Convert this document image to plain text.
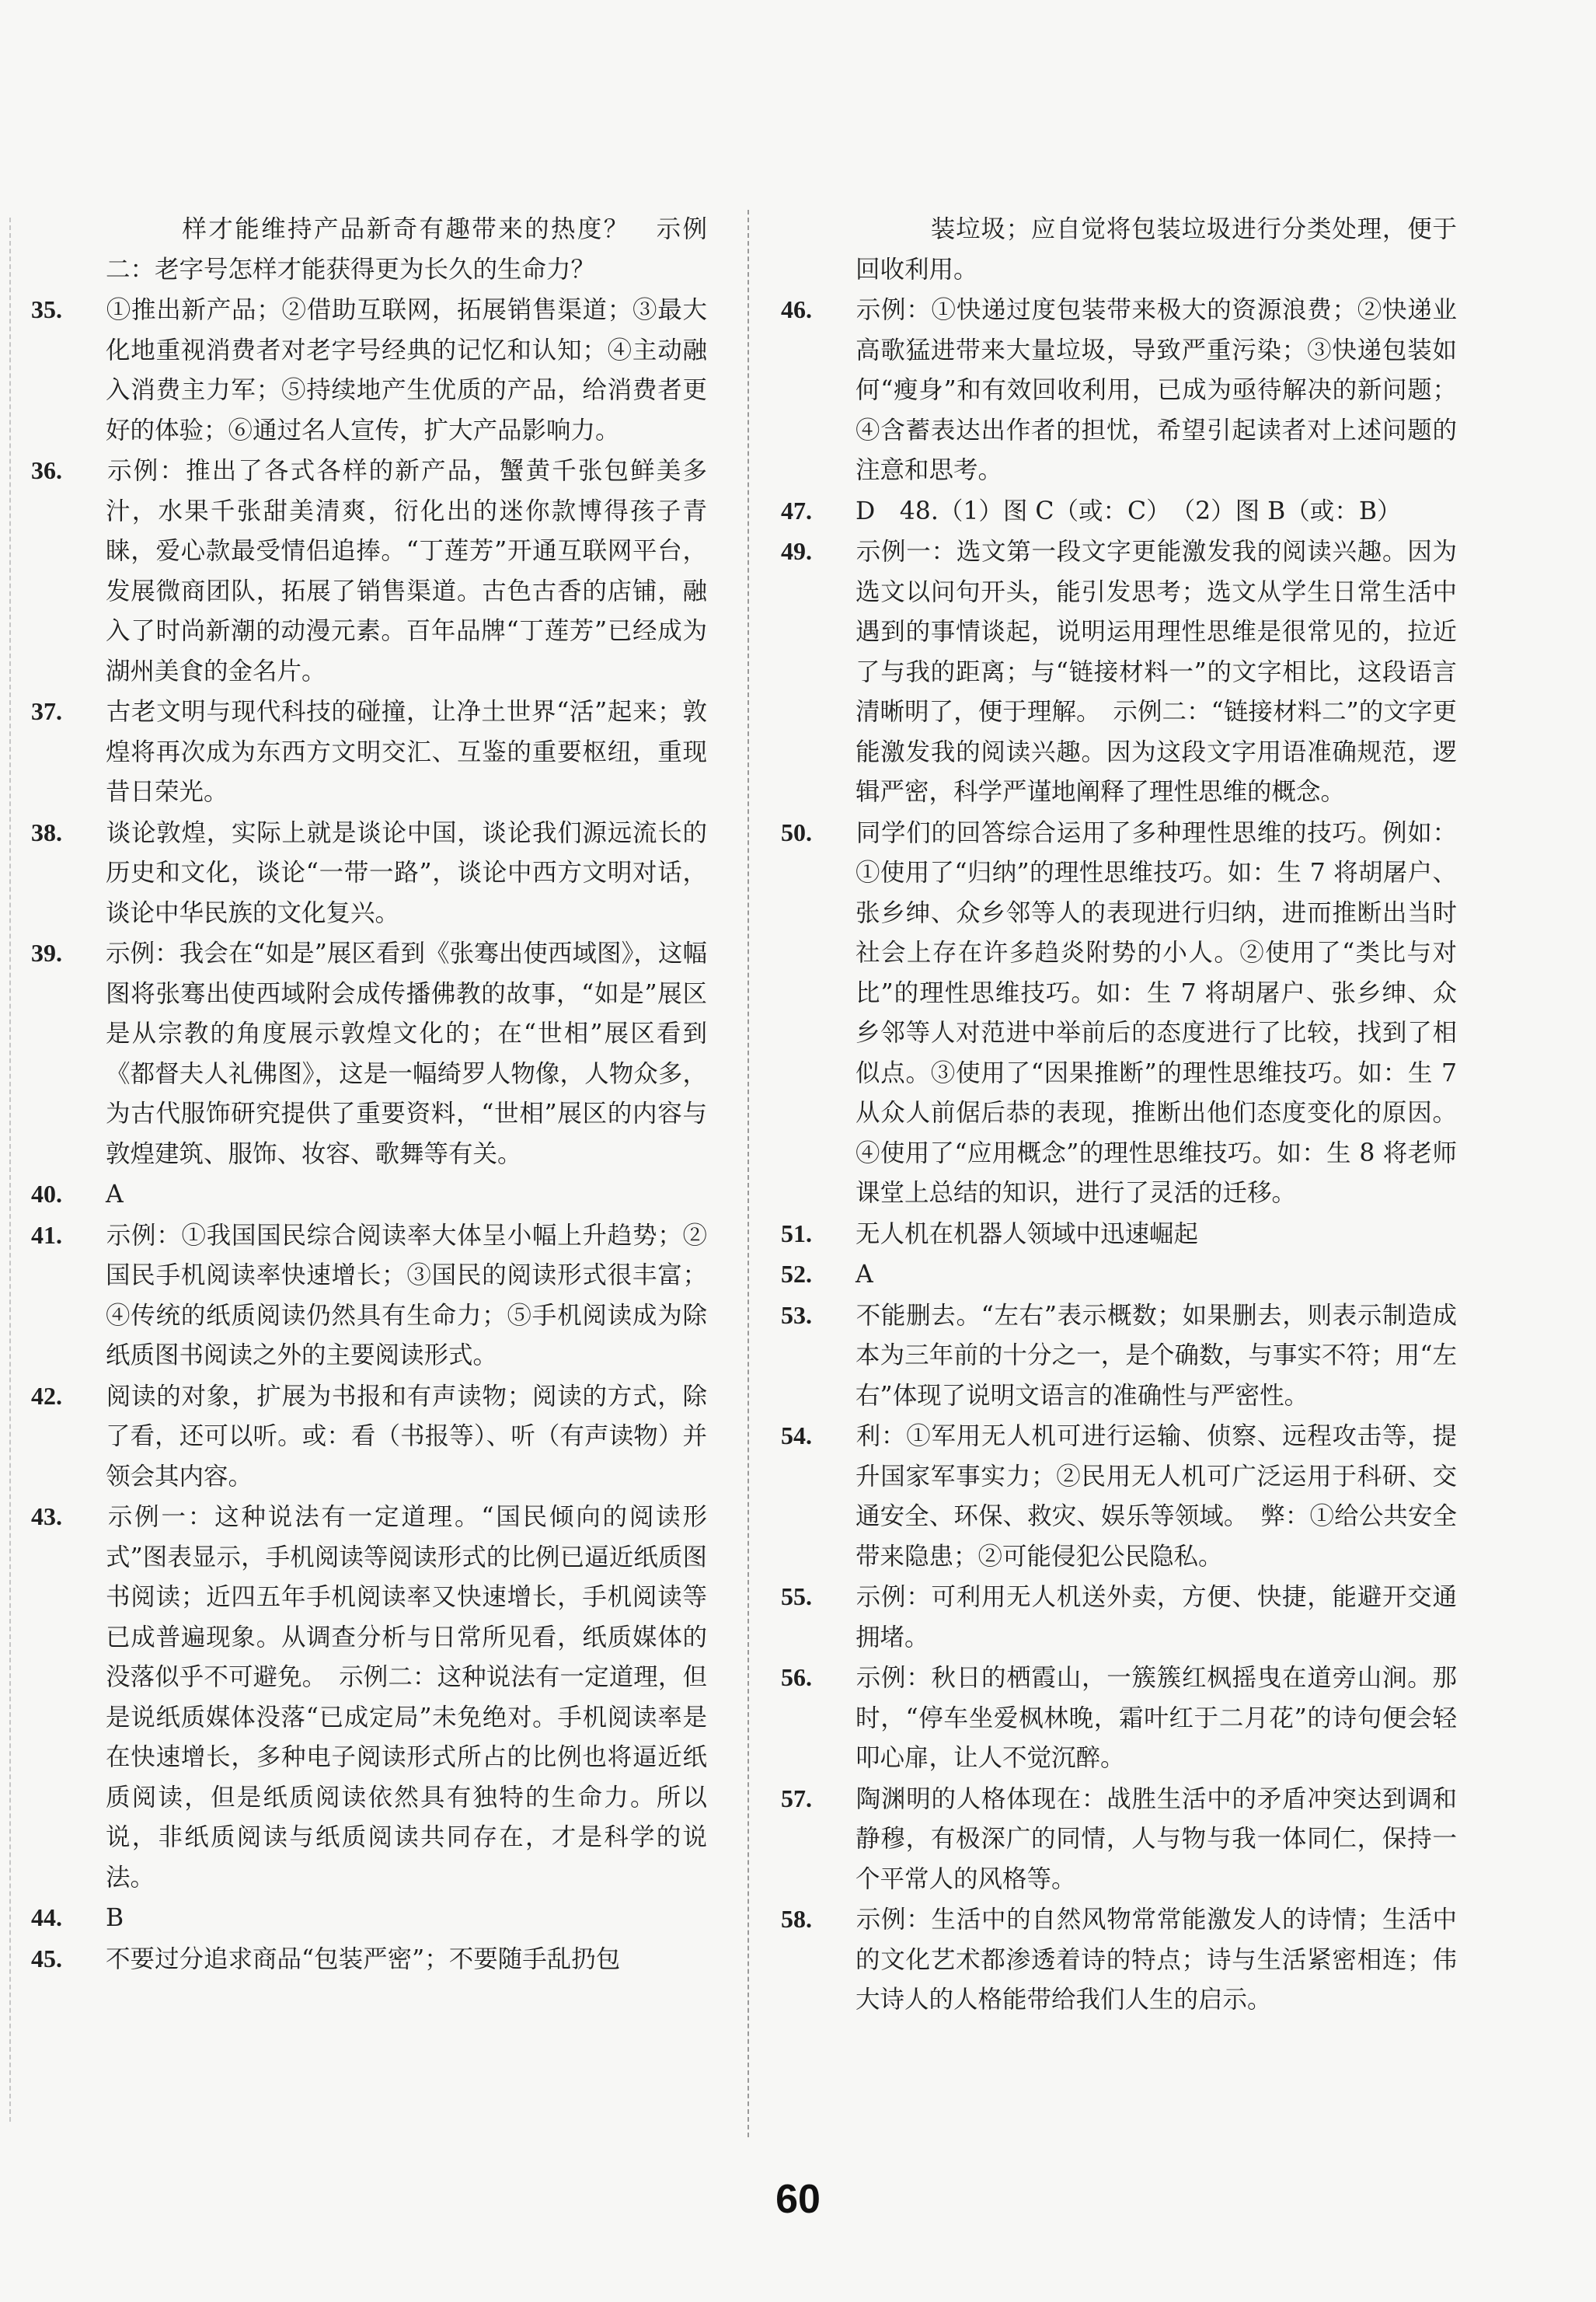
样才能维持产品新奇有趣带来的热度？　示例二：老字号怎样才能获得更为长久的生命力？

35. ①推出新产品；②借助互联网，拓展销售渠道；③最大化地重视消费者对老字号经典的记忆和认知；④主动融入消费主力军；⑤持续地产生优质的产品，给消费者更好的体验；⑥通过名人宣传，扩大产品影响力。

36. 示例：推出了各式各样的新产品，蟹黄千张包鲜美多汁，水果千张甜美清爽，衍化出的迷你款博得孩子青睐，爱心款最受情侣追捧。“丁莲芳”开通互联网平台，发展微商团队，拓展了销售渠道。古色古香的店铺，融入了时尚新潮的动漫元素。百年品牌“丁莲芳”已经成为湖州美食的金名片。

37. 古老文明与现代科技的碰撞，让净土世界“活”起来；敦煌将再次成为东西方文明交汇、互鉴的重要枢纽，重现昔日荣光。

38. 谈论敦煌，实际上就是谈论中国，谈论我们源远流长的历史和文化，谈论“一带一路”，谈论中西方文明对话，谈论中华民族的文化复兴。

39. 示例：我会在“如是”展区看到《张骞出使西域图》，这幅图将张骞出使西域附会成传播佛教的故事，“如是”展区是从宗教的角度展示敦煌文化的；在“世相”展区看到《都督夫人礼佛图》，这是一幅绮罗人物像，人物众多，为古代服饰研究提供了重要资料，“世相”展区的内容与敦煌建筑、服饰、妆容、歌舞等有关。

40. A

41. 示例：①我国国民综合阅读率大体呈小幅上升趋势；②国民手机阅读率快速增长；③国民的阅读形式很丰富；④传统的纸质阅读仍然具有生命力；⑤手机阅读成为除纸质图书阅读之外的主要阅读形式。

42. 阅读的对象，扩展为书报和有声读物；阅读的方式，除了看，还可以听。或：看（书报等）、听（有声读物）并领会其内容。

43. 示例一：这种说法有一定道理。“国民倾向的阅读形式”图表显示，手机阅读等阅读形式的比例已逼近纸质图书阅读；近四五年手机阅读率又快速增长，手机阅读等已成普遍现象。从调查分析与日常所见看，纸质媒体的没落似乎不可避免。　示例二：这种说法有一定道理，但是说纸质媒体没落“已成定局”未免绝对。手机阅读率是在快速增长，多种电子阅读形式所占的比例也将逼近纸质阅读，但是纸质阅读依然具有独特的生命力。所以说，非纸质阅读与纸质阅读共同存在，才是科学的说法。

44. B

45. 不要过分追求商品“包装严密”；不要随手乱扔包

装垃圾；应自觉将包装垃圾进行分类处理，便于回收利用。

46. 示例：①快递过度包装带来极大的资源浪费；②快递业高歌猛进带来大量垃圾，导致严重污染；③快递包装如何“瘦身”和有效回收利用，已成为亟待解决的新问题；④含蓄表达出作者的担忧，希望引起读者对上述问题的注意和思考。

47. D　48.（1）图 C（或：C）　（2）图 B（或：B）

49. 示例一：选文第一段文字更能激发我的阅读兴趣。因为选文以问句开头，能引发思考；选文从学生日常生活中遇到的事情谈起，说明运用理性思维是很常见的，拉近了与我的距离；与“链接材料一”的文字相比，这段语言清晰明了，便于理解。　示例二：“链接材料二”的文字更能激发我的阅读兴趣。因为这段文字用语准确规范，逻辑严密，科学严谨地阐释了理性思维的概念。

50. 同学们的回答综合运用了多种理性思维的技巧。例如：①使用了“归纳”的理性思维技巧。如：生 7 将胡屠户、张乡绅、众乡邻等人的表现进行归纳，进而推断出当时社会上存在许多趋炎附势的小人。②使用了“类比与对比”的理性思维技巧。如：生 7 将胡屠户、张乡绅、众乡邻等人对范进中举前后的态度进行了比较，找到了相似点。③使用了“因果推断”的理性思维技巧。如：生 7 从众人前倨后恭的表现，推断出他们态度变化的原因。④使用了“应用概念”的理性思维技巧。如：生 8 将老师课堂上总结的知识，进行了灵活的迁移。

51. 无人机在机器人领域中迅速崛起

52. A

53. 不能删去。“左右”表示概数；如果删去，则表示制造成本为三年前的十分之一，是个确数，与事实不符；用“左右”体现了说明文语言的准确性与严密性。

54. 利：①军用无人机可进行运输、侦察、远程攻击等，提升国家军事实力；②民用无人机可广泛运用于科研、交通安全、环保、救灾、娱乐等领域。　弊：①给公共安全带来隐患；②可能侵犯公民隐私。

55. 示例：可利用无人机送外卖，方便、快捷，能避开交通拥堵。

56. 示例：秋日的栖霞山，一簇簇红枫摇曳在道旁山涧。那时，“停车坐爱枫林晚，霜叶红于二月花”的诗句便会轻叩心扉，让人不觉沉醉。

57. 陶渊明的人格体现在：战胜生活中的矛盾冲突达到调和静穆，有极深广的同情，人与物与我一体同仁，保持一个平常人的风格等。

58. 示例：生活中的自然风物常常能激发人的诗情；生活中的文化艺术都渗透着诗的特点；诗与生活紧密相连；伟大诗人的人格能带给我们人生的启示。

60
